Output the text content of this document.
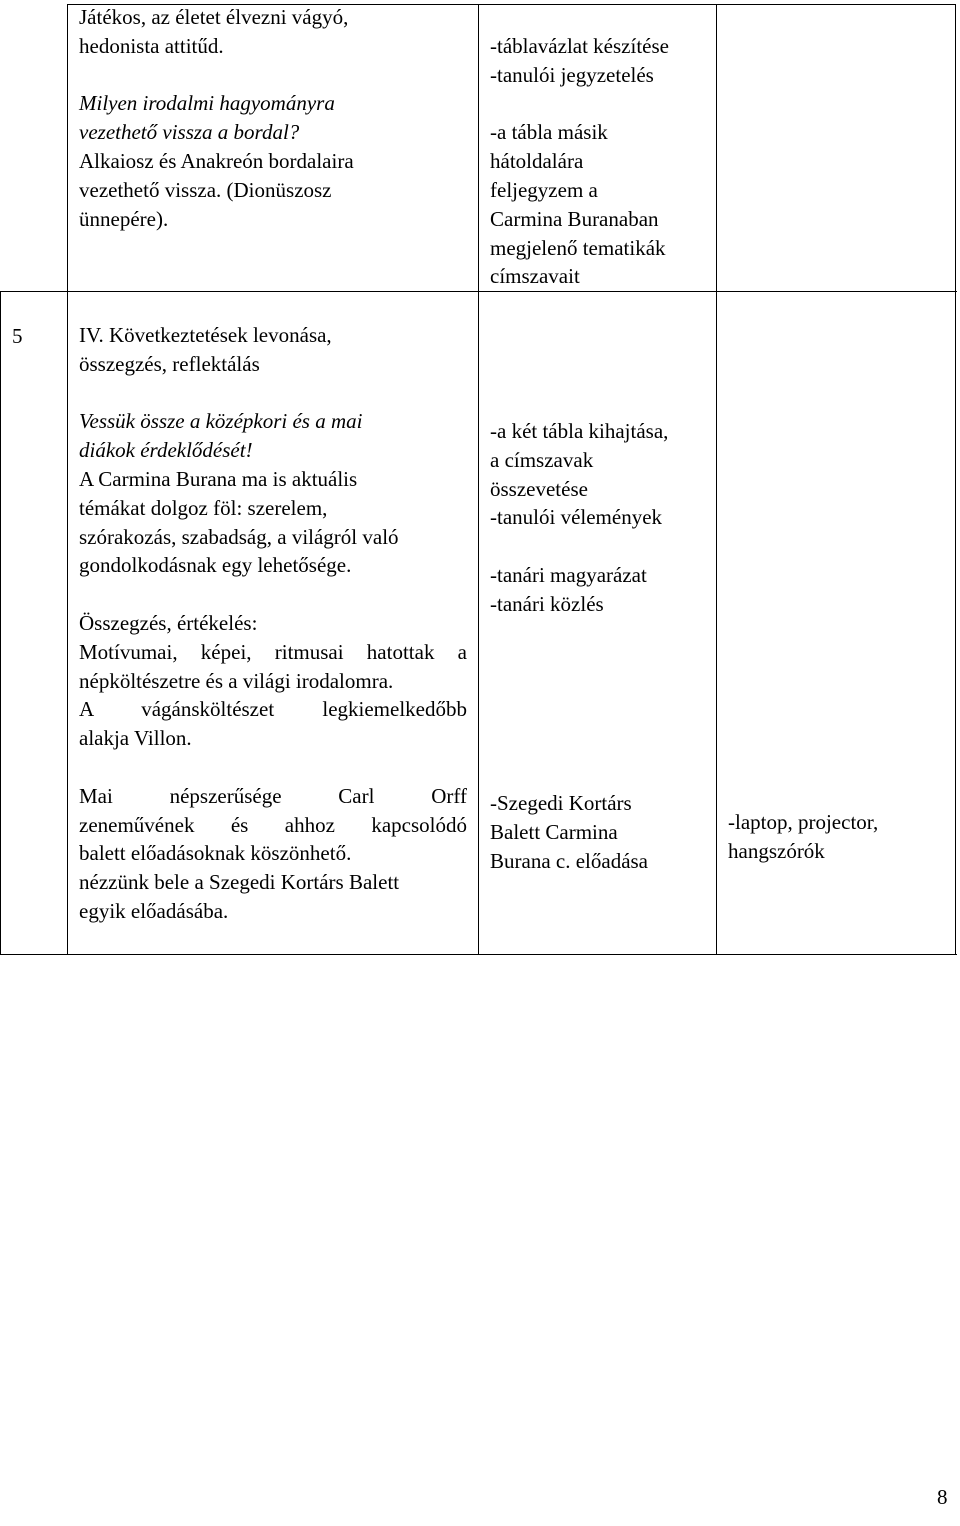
Játékos, az életet élvezni vágyó,

hedonista attitűd.

Milyen irodalmi hagyományra

vezethető vissza a bordal?

Alkaiosz és Anakreón bordalaira

vezethető vissza. (Dionüszosz

ünnepére).

-táblavázlat készítése

-tanulói jegyzetelés

-a tábla másik

hátoldalára

feljegyzem a

Carmina Buranaban

megjelenő tematikák

címszavait

5	IV. Következtetések levonása,

összegzés, reflektálás

Vessük össze a középkori és a mai

diákok érdeklődését!

A Carmina Burana ma is aktuális

témákat dolgoz föl: szerelem,

szórakozás, szabadság, a világról való

gondolkodásnak egy lehetősége.

Összegzés, értékelés:

Motívumai, képei, ritmusai hatottak a

népköltészetre és a világi irodalomra.

A vágánsköltészet legkiemelkedőbb

alakja Villon.

Mai népszerűsége Carl Orff

zeneművének és ahhoz kapcsolódó

balett előadásoknak köszönhető.

nézzünk bele a Szegedi Kortárs Balett

egyik előadásába.

-a két tábla kihajtása,

a címszavak

összevetése

-tanulói vélemények

-tanári magyarázat

-tanári közlés

-Szegedi Kortárs

Balett Carmina

Burana c. előadása

-laptop, projector,

hangszórók

8
